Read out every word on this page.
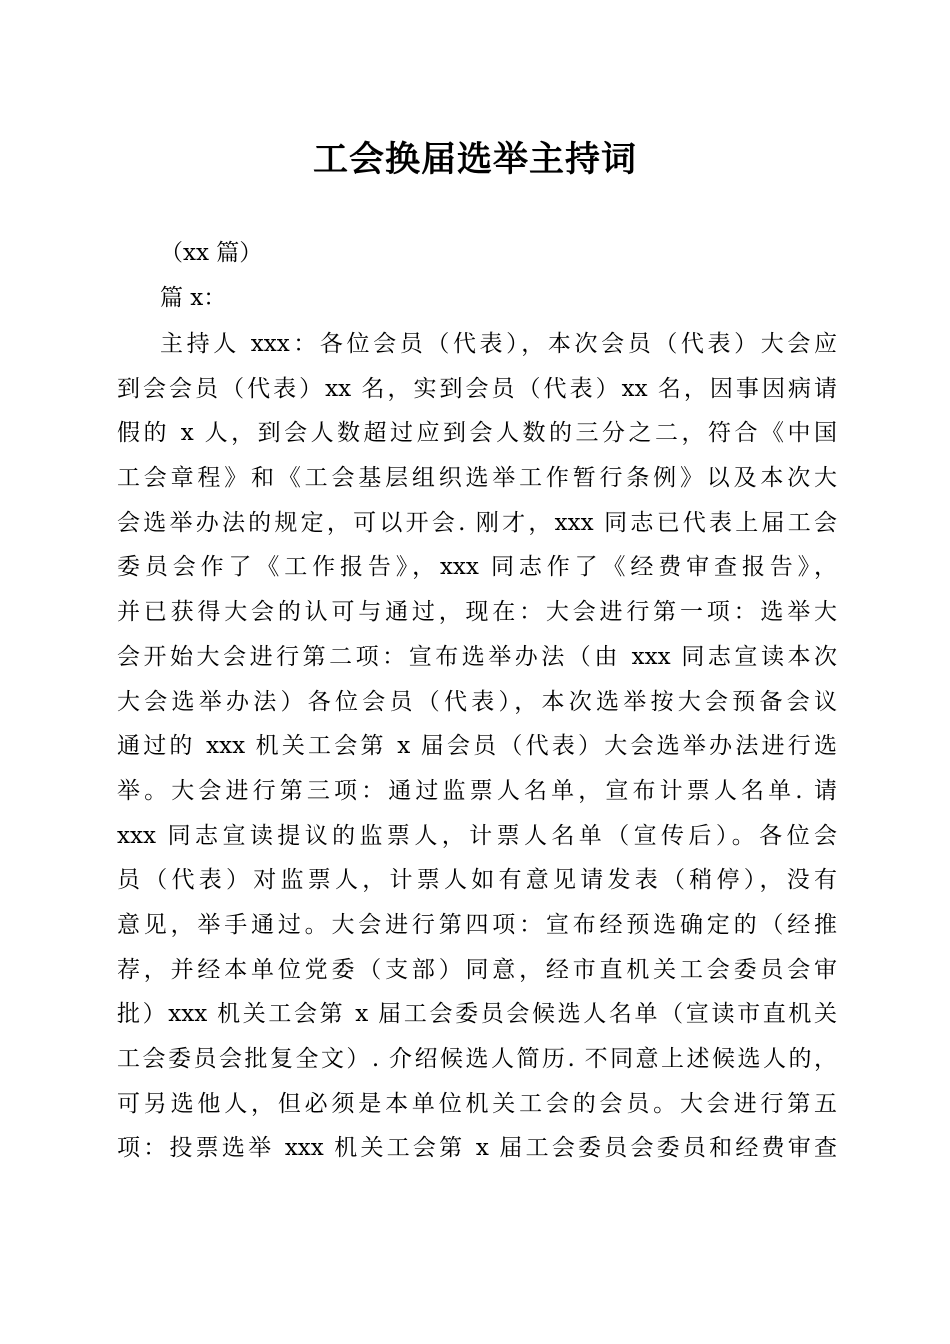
工会换届选举主持词

（xx 篇）

篇 x：

主持人 xxx：各位会员（代表），本次会员（代表）大会应
到会会员（代表）xx 名，实到会员（代表）xx 名，因事因病请
假的 x 人，到会人数超过应到会人数的三分之二，符合《中国
工会章程》和《工会基层组织选举工作暂行条例》以及本次大
会选举办法的规定，可以开会. 刚才，xxx 同志已代表上届工会
委员会作了《工作报告》，xxx 同志作了《经费审查报告》，
并已获得大会的认可与通过，现在：大会进行第一项：选举大
会开始大会进行第二项：宣布选举办法（由 xxx 同志宣读本次
大会选举办法）各位会员（代表），本次选举按大会预备会议
通过的 xxx 机关工会第 x 届会员（代表）大会选举办法进行选
举。大会进行第三项：通过监票人名单，宣布计票人名单. 请
xxx 同志宣读提议的监票人，计票人名单（宣传后）。各位会
员（代表）对监票人，计票人如有意见请发表（稍停），没有
意见，举手通过。大会进行第四项：宣布经预选确定的（经推
荐，并经本单位党委（支部）同意，经市直机关工会委员会审
批）xxx 机关工会第 x 届工会委员会候选人名单（宣读市直机关
工会委员会批复全文）. 介绍候选人简历. 不同意上述候选人的，
可另选他人，但必须是本单位机关工会的会员。大会进行第五
项：投票选举 xxx 机关工会第 x 届工会委员会委员和经费审查
